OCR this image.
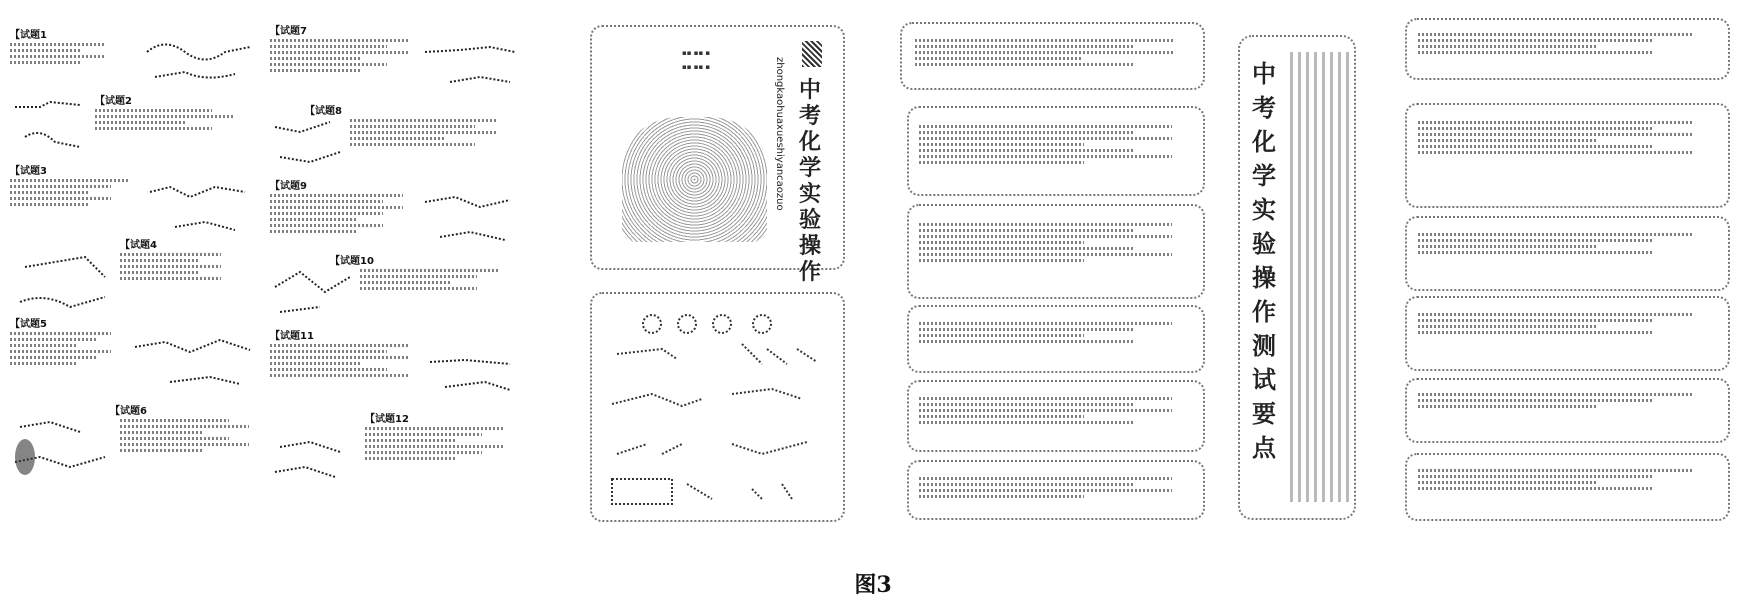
【试题1
【试题2
【试题3
【试题4
【试题5
【试题6
【试题7
【试题8
【试题9
【试题10
【试题11
【试题12
▪▪ ▪▪ ▪
▪▪ ▪▪ ▪
中考化学实验操作
zhongkaohuaxueshiyancaozuo	中考化学实验操作测试要点
图3
